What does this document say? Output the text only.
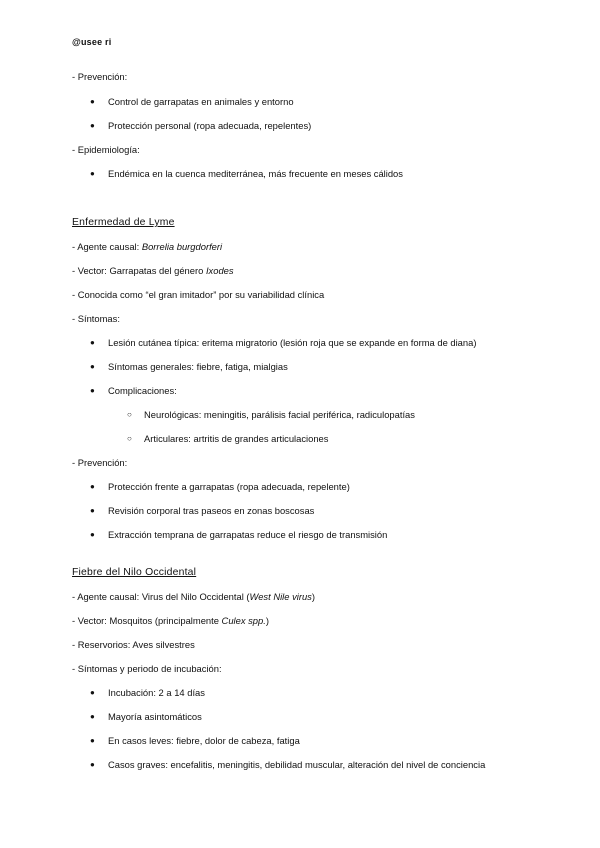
@usee ri
- Prevención:
● Control de garrapatas en animales y entorno
● Protección personal (ropa adecuada, repelentes)
- Epidemiología:
● Endémica en la cuenca mediterránea, más frecuente en meses cálidos
Enfermedad de Lyme
- Agente causal: Borrelia burgdorferi
- Vector: Garrapatas del género Ixodes
- Conocida como “el gran imitador” por su variabilidad clínica
- Síntomas:
● Lesión cutánea típica: eritema migratorio (lesión roja que se expande en forma de diana)
● Síntomas generales: fiebre, fatiga, mialgias
● Complicaciones:
○ Neurológicas: meningitis, parálisis facial periférica, radiculopatías
○ Articulares: artritis de grandes articulaciones
- Prevención:
● Protección frente a garrapatas (ropa adecuada, repelente)
● Revisión corporal tras paseos en zonas boscosas
● Extracción temprana de garrapatas reduce el riesgo de transmisión
Fiebre del Nilo Occidental
- Agente causal: Virus del Nilo Occidental (West Nile virus)
- Vector: Mosquitos (principalmente Culex spp.)
- Reservorios: Aves silvestres
- Síntomas y periodo de incubación:
● Incubación: 2 a 14 días
● Mayoría asintomáticos
● En casos leves: fiebre, dolor de cabeza, fatiga
● Casos graves: encefalitis, meningitis, debilidad muscular, alteración del nivel de conciencia
